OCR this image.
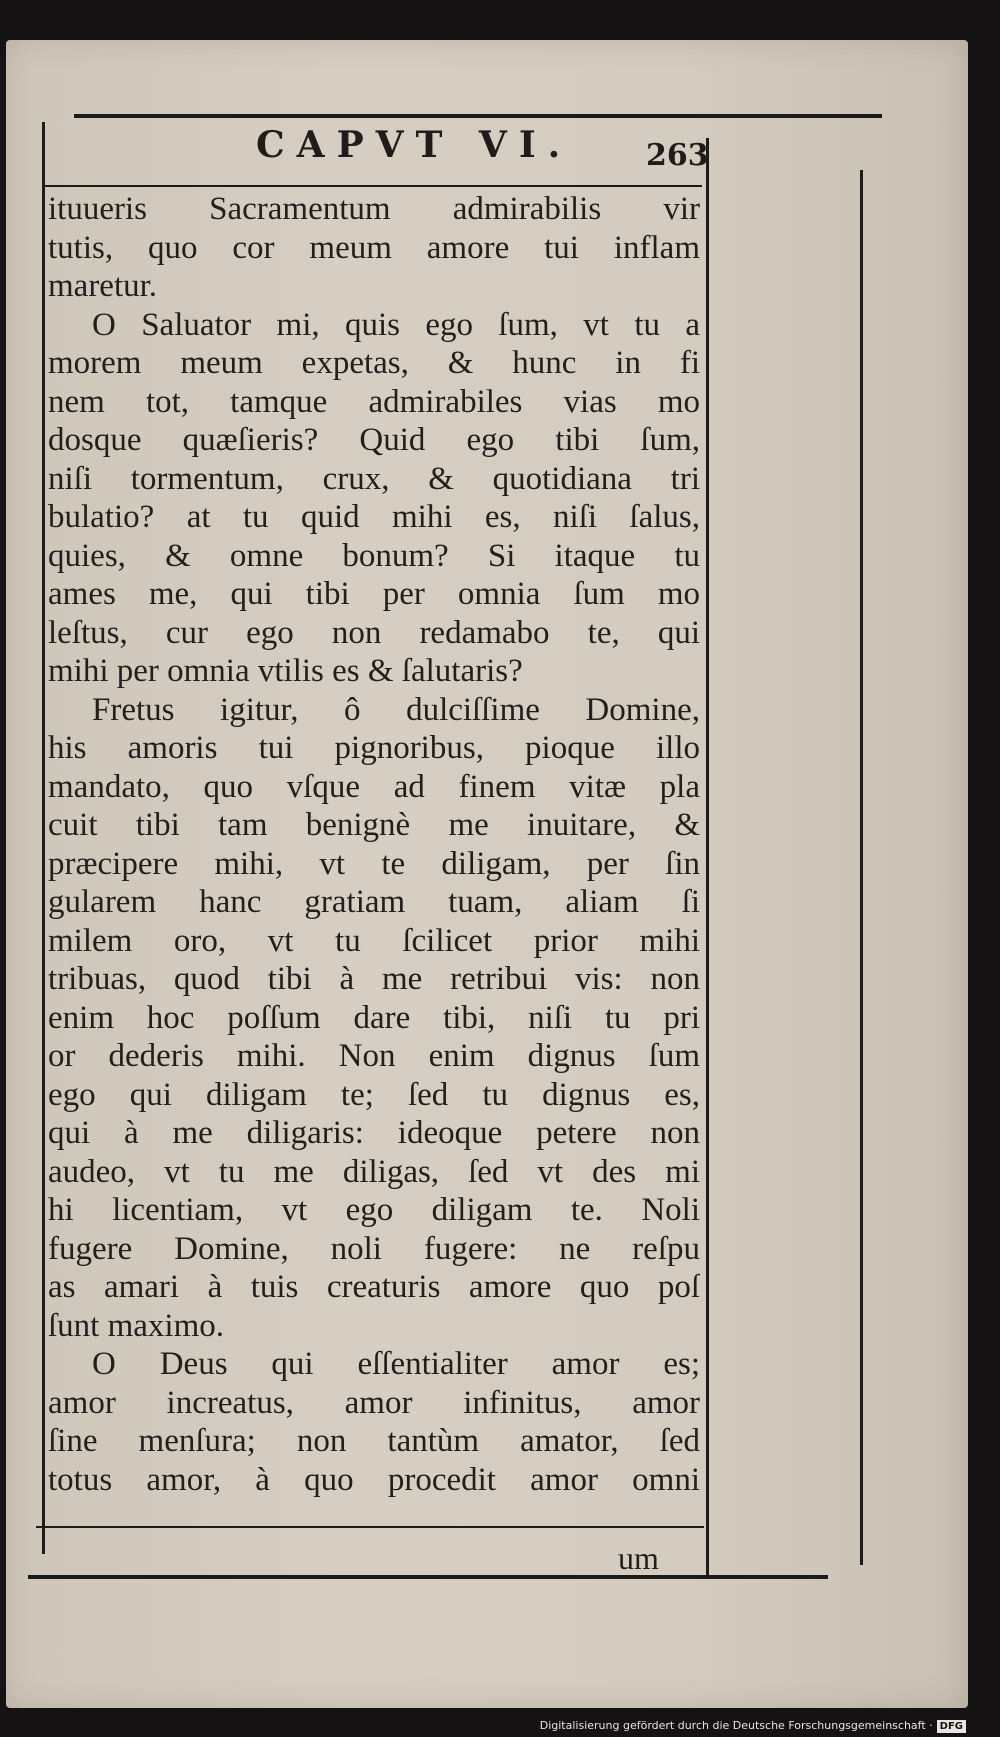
CAPVT VI. 263
ituueris Sacramentum admirabilis vir
tutis, quo cor meum amore tui inflam
maretur.
O Saluator mi, quis ego ſum, vt tu a
morem meum expetas, & hunc in fi
nem tot, tamque admirabiles vias mo
dosque quæſieris? Quid ego tibi ſum,
niſi tormentum, crux, & quotidiana tri
bulatio? at tu quid mihi es, niſi ſalus,
quies, & omne bonum? Si itaque tu
ames me, qui tibi per omnia ſum mo
leſtus, cur ego non redamabo te, qui
mihi per omnia vtilis es & ſalutaris?
Fretus igitur, ô dulciſſime Domine,
his amoris tui pignoribus, pioque illo
mandato, quo vſque ad finem vitæ pla
cuit tibi tam benignè me inuitare, &
præcipere mihi, vt te diligam, per ſin
gularem hanc gratiam tuam, aliam ſi
milem oro, vt tu ſcilicet prior mihi
tribuas, quod tibi à me retribui vis: non
enim hoc poſſum dare tibi, niſi tu pri
or dederis mihi. Non enim dignus ſum
ego qui diligam te; ſed tu dignus es,
qui à me diligaris: ideoque petere non
audeo, vt tu me diligas, ſed vt des mi
hi licentiam, vt ego diligam te. Noli
fugere Domine, noli fugere: ne reſpu
as amari à tuis creaturis amore quo poſ
ſunt maximo.
O Deus qui eſſentialiter amor es;
amor increatus, amor infinitus, amor
ſine menſura; non tantùm amator, ſed
totus amor, à quo procedit amor omni
um
Digitalisierung gefördert durch die Deutsche Forschungsgemeinschaft · DFG
